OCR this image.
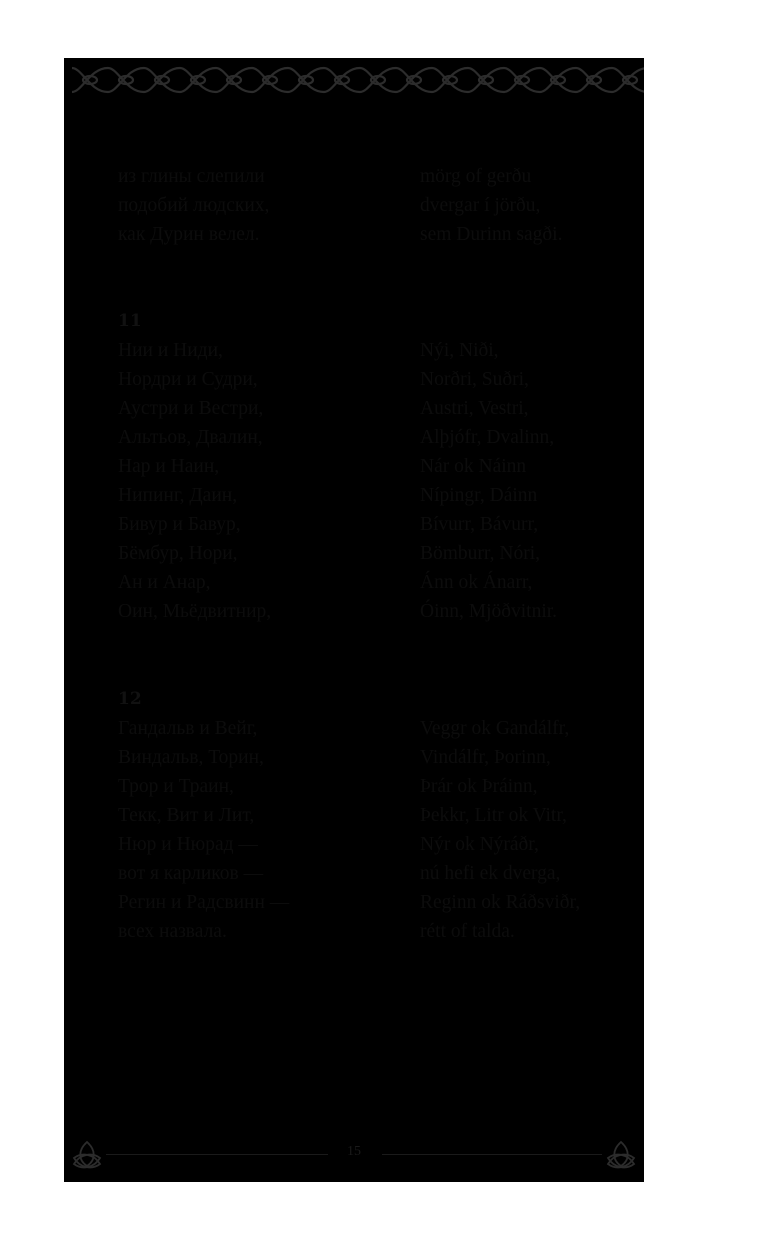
из глины слепили
подобий людских,
как Дурин велел.
mörg of gerðu
dvergar í jörðu,
sem Durinn sagði.
11
Нии и Ниди,
Нордри и Судри,
Аустри и Вестри,
Альтьов, Двалин,
Нар и Наин,
Нипинг, Даин,
Бивур и Бавур,
Бёмбур, Нори,
Ан и Анар,
Оин, Мьёдвитнир,
Nýi, Niði,
Norðri, Suðri,
Austri, Vestri,
Alþjófr, Dvalinn,
Nár ok Náinn
Nípingr, Dáinn
Bívurr, Bávurr,
Bömburr, Nóri,
Ánn ok Ánarr,
Óinn, Mjöðvitnir.
12
Гандальв и Вейг,
Виндальв, Торин,
Трор и Траин,
Текк, Вит и Лит,
Нюр и Нюрад —
вот я карликов —
Регин и Радсвинн —
всех назвала.
Veggr ok Gandálfr,
Vindálfr, Þorinn,
Þrár ok Þráinn,
Þekkr, Litr ok Vitr,
Nýr ok Nýráðr,
nú hefi ek dverga,
Reginn ok Ráðsviðr,
rétt of talda.
15
